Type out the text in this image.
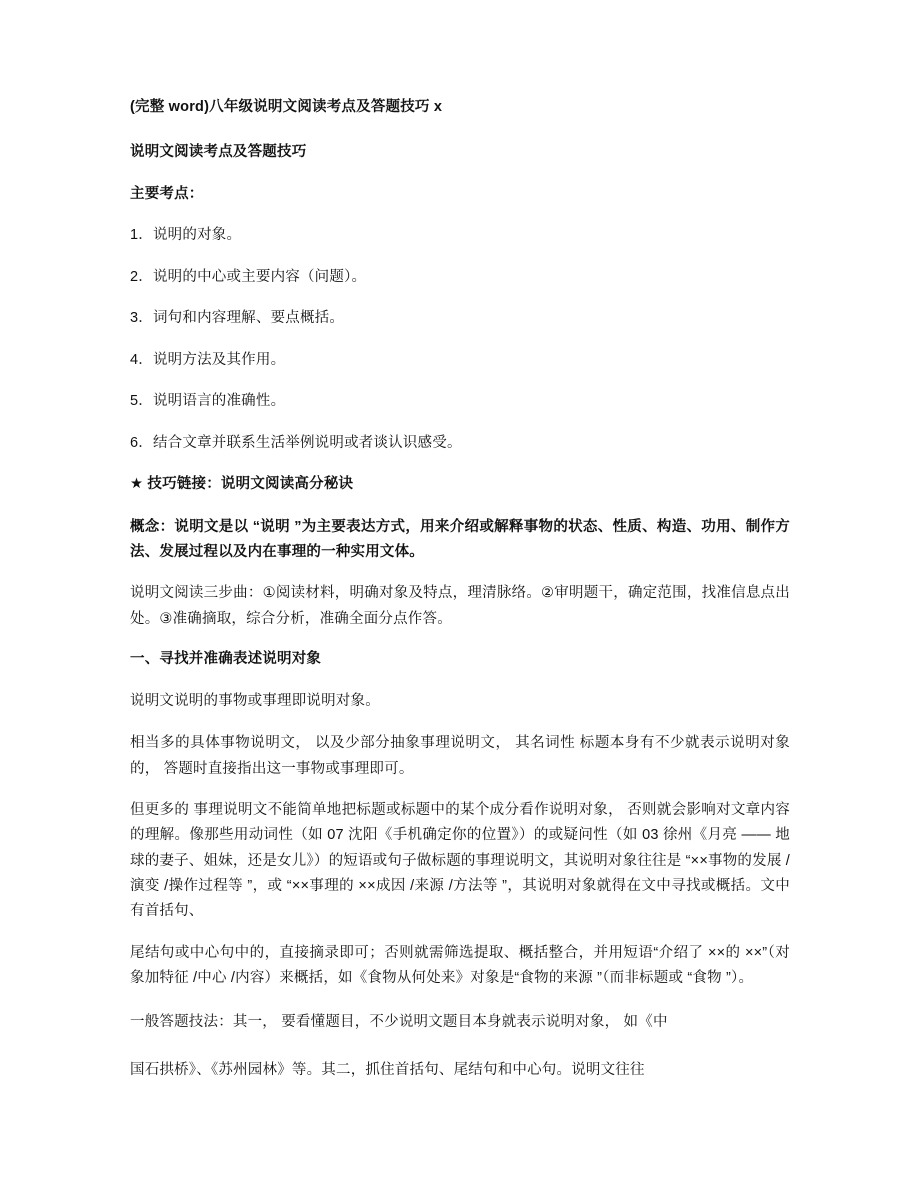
(完整 word)八年级说明文阅读考点及答题技巧 x

说明文阅读考点及答题技巧

主要考点：

1．说明的对象。

2．说明的中心或主要内容（问题）。

3．词句和内容理解、要点概括。

4．说明方法及其作用。

5．说明语言的准确性。

6．结合文章并联系生活举例说明或者谈认识感受。

★ 技巧链接：说明文阅读高分秘诀

概念：说明文是以 “说明 ”为主要表达方式，用来介绍或解释事物的状态、性质、构造、功用、制作方法、发展过程以及内在事理的一种实用文体。

说明文阅读三步曲：①阅读材料，明确对象及特点，理清脉络。②审明题干，确定范围，找准信息点出处。③准确摘取，综合分析，准确全面分点作答。

一、寻找并准确表述说明对象

说明文说明的事物或事理即说明对象。

相当多的具体事物说明文， 以及少部分抽象事理说明文， 其名词性 标题本身有不少就表示说明对象的， 答题时直接指出这一事物或事理即可。

但更多的 事理说明文不能简单地把标题或标题中的某个成分看作说明对象， 否则就会影响对文章内容的理解。像那些用动词性（如 07 沈阳《手机确定你的位置》）的或疑问性（如 03 徐州《月亮 —— 地球的妻子、姐妹，还是女儿》）的短语或句子做标题的事理说明文，其说明对象往往是 “××事物的发展 /演变 /操作过程等 ”，或 “××事理的 ××成因 /来源 /方法等 ”，其说明对象就得在文中寻找或概括。文中有首括句、

尾结句或中心句中的，直接摘录即可；否则就需筛选提取、概括整合，并用短语“介绍了 ××的 ××”（对象加特征 /中心 /内容）来概括，如《食物从何处来》对象是“食物的来源 ”（而非标题或 “食物 ”）。

一般答题技法：其一， 要看懂题目，不少说明文题目本身就表示说明对象， 如《中

国石拱桥》、《苏州园林》等。其二，抓住首括句、尾结句和中心句。说明文往往
